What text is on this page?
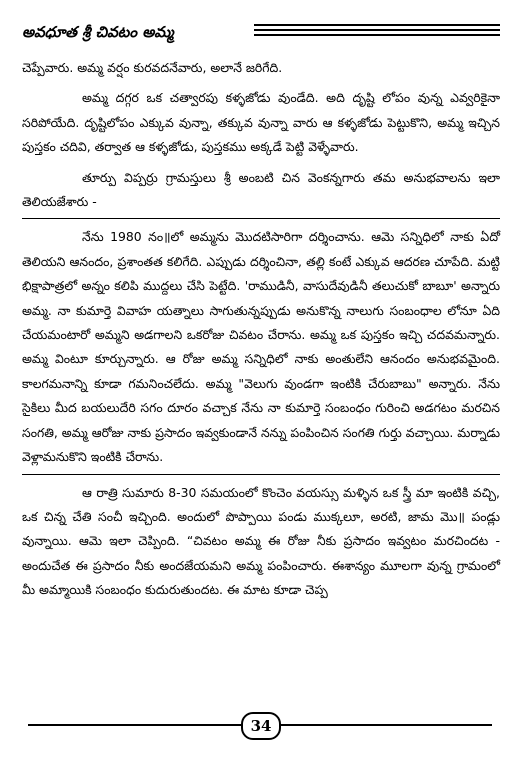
అవధూత శ్రీ చివటం అమ్మ

చెప్పేవారు. అమ్మ వర్షం కురవదనేవారు, అలానే జరిగేది.

అమ్మ దగ్గర ఒక చత్వారపు కళ్ళజోడు వుండేది. అది దృష్టి లోపం వున్న ఎవ్వరికైనా సరిపోయేది. దృష్టిలోపం ఎక్కువ వున్నా, తక్కువ వున్నా వారు ఆ కళ్ళజోడు పెట్టుకొని, అమ్మ ఇచ్చిన పుస్తకం చదివి, తర్వాత ఆ కళ్ళజోడు, పుస్తకము అక్కడే పెట్టి వెళ్ళేవారు.

తూర్పు విప్పర్రు గ్రామస్తులు శ్రీ అంబటి చిన వెంకన్నగారు తమ అనుభవాలను ఇలా తెలియజేశారు -

నేను 1980 నం॥లో అమ్మను మొదటిసారిగా దర్శించాను. ఆమె సన్నిధిలో నాకు ఏదో తెలియని ఆనందం, ప్రశాంతత కలిగేది. ఎప్పుడు దర్శించినా, తల్లి కంటే ఎక్కువ ఆదరణ చూపేది. మట్టి భిక్షాపాత్రలో అన్నం కలిపి ముద్దలు చేసి పెట్టేది. 'రాముడినీ, వాసుదేవుడినీ తలుచుకో బాబూ' అన్నారు అమ్మ. నా కుమార్తె వివాహ యత్నాలు సాగుతున్నప్పుడు అనుకొన్న నాలుగు సంబంధాల లోనూ ఏది చేయమంటారో అమ్మని అడగాలని ఒకరోజు చివటం చేరాను. అమ్మ ఒక పుస్తకం ఇచ్చి చదవమన్నారు. అమ్మ వింటూ కూర్చున్నారు. ఆ రోజు అమ్మ సన్నిధిలో నాకు అంతులేని ఆనందం అనుభవమైంది. కాలగమనాన్ని కూడా గమనించలేదు. అమ్మ "వెలుగు వుండగా ఇంటికి చేరుబాబు" అన్నారు. నేను సైకిలు మీద బయలుదేరి సగం దూరం వచ్చాక నేను నా కుమార్తె సంబంధం గురించి అడగటం మరచిన సంగతి, అమ్మ ఆరోజు నాకు ప్రసాదం ఇవ్వకుండానే నన్ను పంపించిన సంగతి గుర్తు వచ్చాయి. మర్నాడు వెళ్లామనుకొని ఇంటికి చేరాను.

ఆ రాత్రి సుమారు 8-30 సమయంలో కొంచెం వయస్సు మళ్ళిన ఒక స్త్రీ మా ఇంటికి వచ్చి, ఒక చిన్న చేతి సంచీ ఇచ్చింది. అందులో పొప్పాయి పండు ముక్కలూ, అరటి, జామ మొ॥ పండ్లు వున్నాయి. ఆమె ఇలా చెప్పింది. “చివటం అమ్మ ఈ రోజు నీకు ప్రసాదం ఇవ్వటం మరచిందట - అందుచేత ఈ ప్రసాదం నీకు అందజేయమని అమ్మ పంపించారు. ఈశాన్యం మూలగా వున్న గ్రామంలో మీ అమ్మాయికి సంబంధం కుదురుతుందట. ఈ మాట కూడా చెప్ప

34
